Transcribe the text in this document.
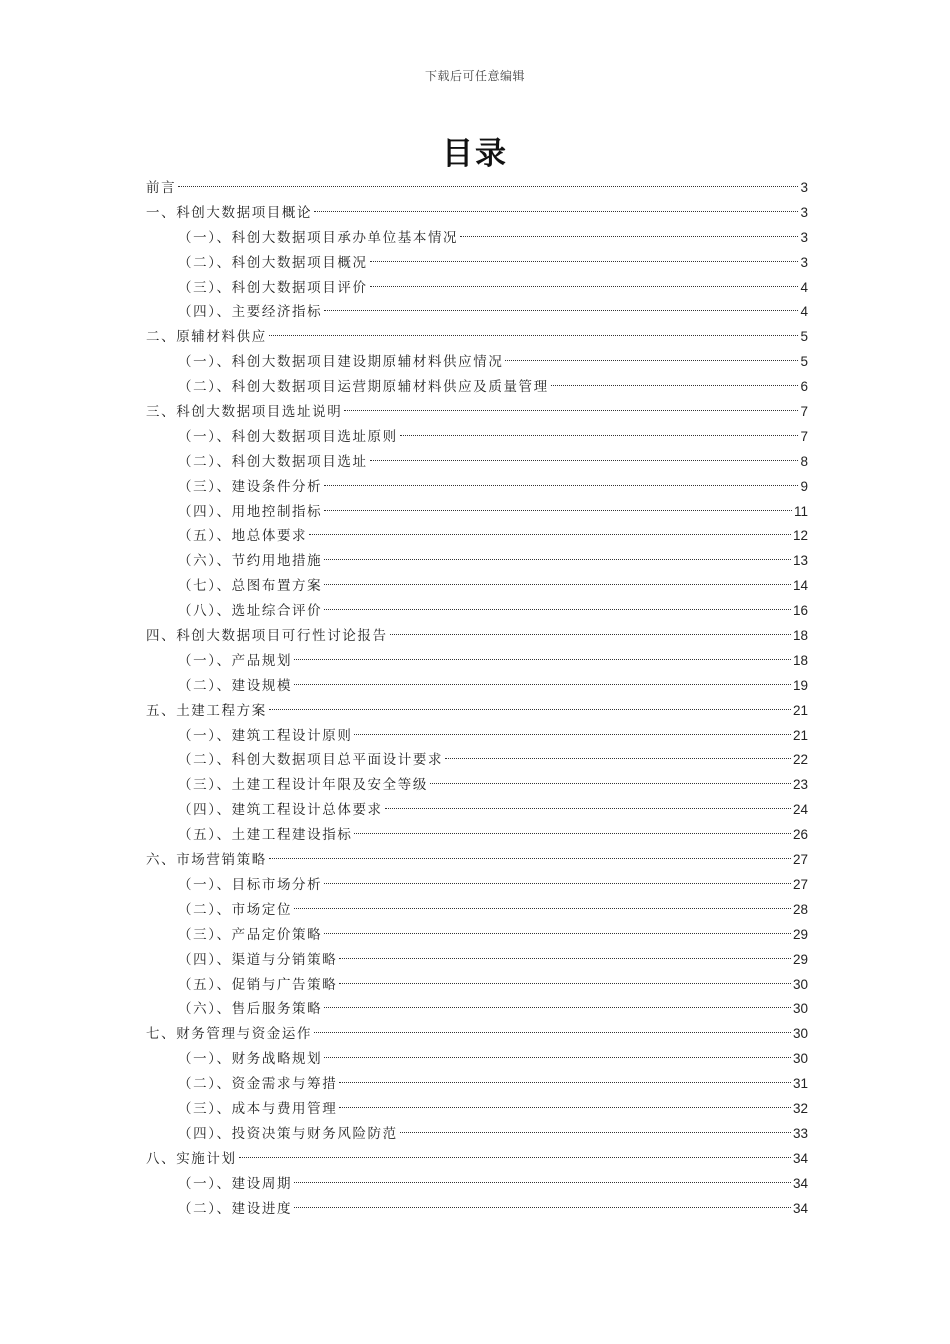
下载后可任意编辑
目录
前言	3
一、科创大数据项目概论	3
（一）、科创大数据项目承办单位基本情况	3
（二）、科创大数据项目概况	3
（三）、科创大数据项目评价	4
（四）、主要经济指标	4
二、原辅材料供应	5
（一）、科创大数据项目建设期原辅材料供应情况	5
（二）、科创大数据项目运营期原辅材料供应及质量管理	6
三、科创大数据项目选址说明	7
（一）、科创大数据项目选址原则	7
（二）、科创大数据项目选址	8
（三）、建设条件分析	9
（四）、用地控制指标	11
（五）、地总体要求	12
（六）、节约用地措施	13
（七）、总图布置方案	14
（八）、选址综合评价	16
四、科创大数据项目可行性讨论报告	18
（一）、产品规划	18
（二）、建设规模	19
五、土建工程方案	21
（一）、建筑工程设计原则	21
（二）、科创大数据项目总平面设计要求	22
（三）、土建工程设计年限及安全等级	23
（四）、建筑工程设计总体要求	24
（五）、土建工程建设指标	26
六、市场营销策略	27
（一）、目标市场分析	27
（二）、市场定位	28
（三）、产品定价策略	29
（四）、渠道与分销策略	29
（五）、促销与广告策略	30
（六）、售后服务策略	30
七、财务管理与资金运作	30
（一）、财务战略规划	30
（二）、资金需求与筹措	31
（三）、成本与费用管理	32
（四）、投资决策与财务风险防范	33
八、实施计划	34
（一）、建设周期	34
（二）、建设进度	34
